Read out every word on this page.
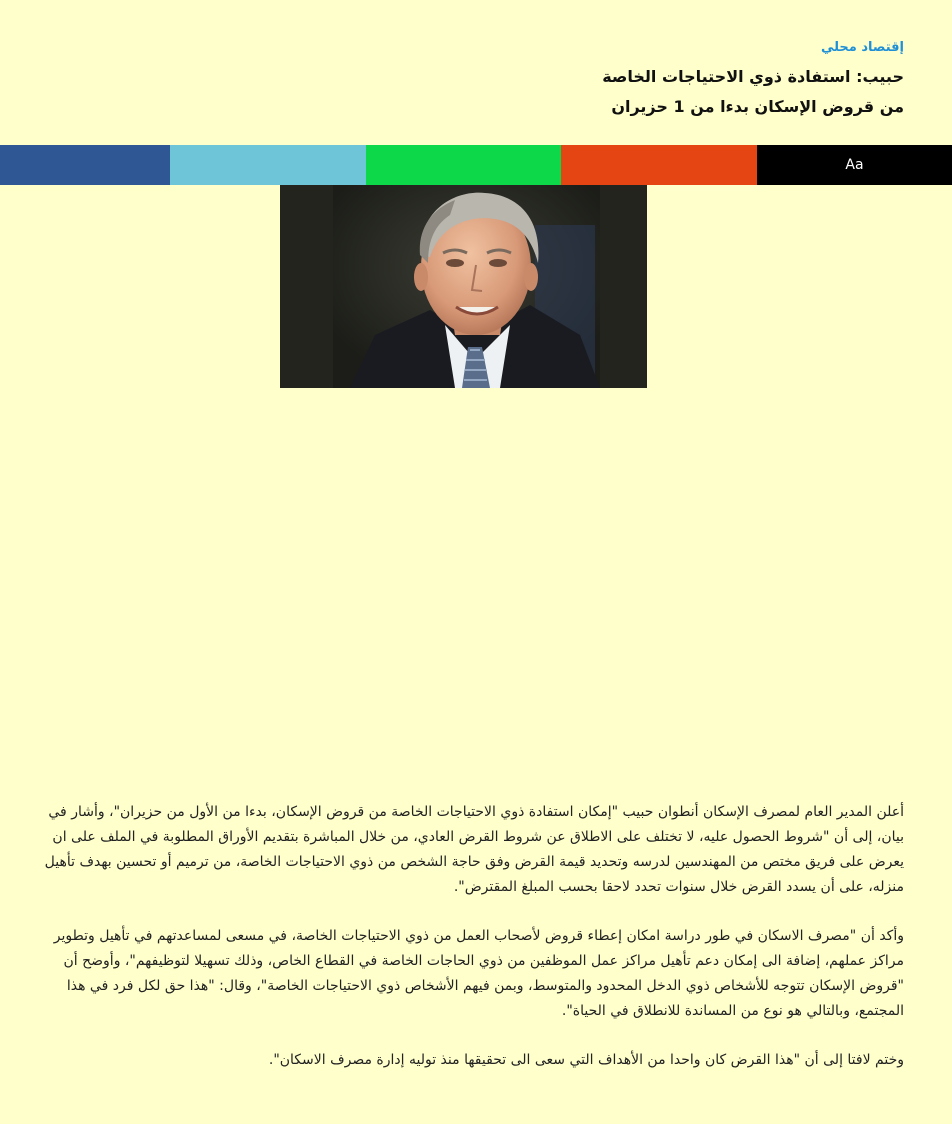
إقتصاد محلي
حبيب: استفادة ذوي الاحتياجات الخاصة
من قروض الإسكان بدءا من 1 حزيران
Aa

أعلن المدير العام لمصرف الإسكان أنطوان حبيب "إمكان استفادة ذوي الاحتياجات الخاصة من قروض الإسكان، بدءا من الأول من حزيران"، وأشار في بيان، إلى أن "شروط الحصول عليه، لا تختلف على الاطلاق عن شروط القرض العادي، من خلال المباشرة بتقديم الأوراق المطلوبة في الملف على ان يعرض على فريق مختص من المهندسين لدرسه وتحديد قيمة القرض وفق حاجة الشخص من ذوي الاحتياجات الخاصة، من ترميم أو تحسين بهدف تأهيل منزله، على أن يسدد القرض خلال سنوات تحدد لاحقا بحسب المبلغ المقترض".

وأكد أن "مصرف الاسكان في طور دراسة امكان إعطاء قروض لأصحاب العمل من ذوي الاحتياجات الخاصة، في مسعى لمساعدتهم في تأهيل وتطوير مراكز عملهم، إضافة الى إمكان دعم تأهيل مراكز عمل الموظفين من ذوي الحاجات الخاصة في القطاع الخاص، وذلك تسهيلا لتوظيفهم"، وأوضح أن "قروض الإسكان تتوجه للأشخاص ذوي الدخل المحدود والمتوسط، وبمن فيهم الأشخاص ذوي الاحتياجات الخاصة"، وقال: "هذا حق لكل فرد في هذا المجتمع، وبالتالي هو نوع من المساندة للانطلاق في الحياة".

وختم لافتا إلى أن "هذا القرض كان واحدا من الأهداف التي سعى الى تحقيقها منذ توليه إدارة مصرف الاسكان".
